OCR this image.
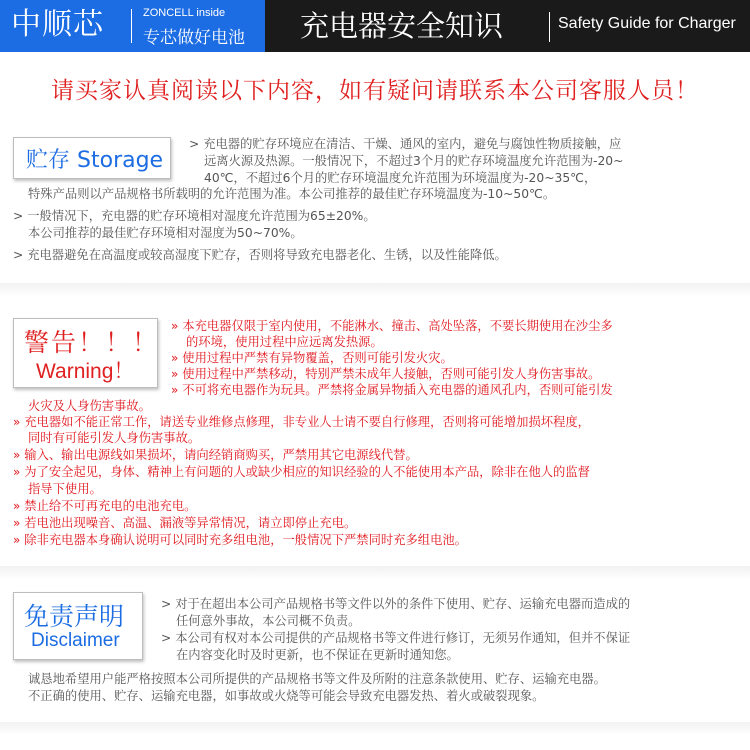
中顺芯	ZONCELL inside
专芯做好电池 充电器安全知识	Safety Guide for Charger
请买家认真阅读以下内容，如有疑问请联系本公司客服人员！
贮存 Storage
> 充电器的贮存环境应在清洁、干燥、通风的室内，避免与腐蚀性物质接触，应
远离火源及热源。一般情况下，不超过3个月的贮存环境温度允许范围为-20~
40℃，不超过6个月的贮存环境温度允许范围为环境温度为-20~35℃，
特殊产品则以产品规格书所载明的允许范围为准。本公司推荐的最佳贮存环境温度为-10~50℃。
> 一般情况下，充电器的贮存环境相对湿度允许范围为65±20%。
本公司推荐的最佳贮存环境相对湿度为50~70%。
> 充电器避免在高温度或较高湿度下贮存，否则将导致充电器老化、生锈，以及性能降低。
警告！！！
Warning！
» 本充电器仅限于室内使用，不能淋水、撞击、高处坠落，不要长期使用在沙尘多
的环境，使用过程中应远离发热源。
» 使用过程中严禁有异物覆盖，否则可能引发火灾。
» 使用过程中严禁移动，特别严禁未成年人接触，否则可能引发人身伤害事故。
» 不可将充电器作为玩具。严禁将金属异物插入充电器的通风孔内，否则可能引发
火灾及人身伤害事故。
» 充电器如不能正常工作，请送专业维修点修理，非专业人士请不要自行修理，否则将可能增加损坏程度，
同时有可能引发人身伤害事故。
» 输入、输出电源线如果损坏，请向经销商购买，严禁用其它电源线代替。
» 为了安全起见，身体、精神上有问题的人或缺少相应的知识经验的人不能使用本产品，除非在他人的监督
指导下使用。
» 禁止给不可再充电的电池充电。
» 若电池出现噪音、高温、漏液等异常情况，请立即停止充电。
» 除非充电器本身确认说明可以同时充多组电池，一般情况下严禁同时充多组电池。
免责声明
Disclaimer
> 对于在超出本公司产品规格书等文件以外的条件下使用、贮存、运输充电器而造成的
任何意外事故，本公司概不负责。
> 本公司有权对本公司提供的产品规格书等文件进行修订，无须另作通知，但并不保证
在内容变化时及时更新，也不保证在更新时通知您。
诚恳地希望用户能严格按照本公司所提供的产品规格书等文件及所附的注意条款使用、贮存、运输充电器。
不正确的使用、贮存、运输充电器，如事故或火烧等可能会导致充电器发热、着火或破裂现象。
